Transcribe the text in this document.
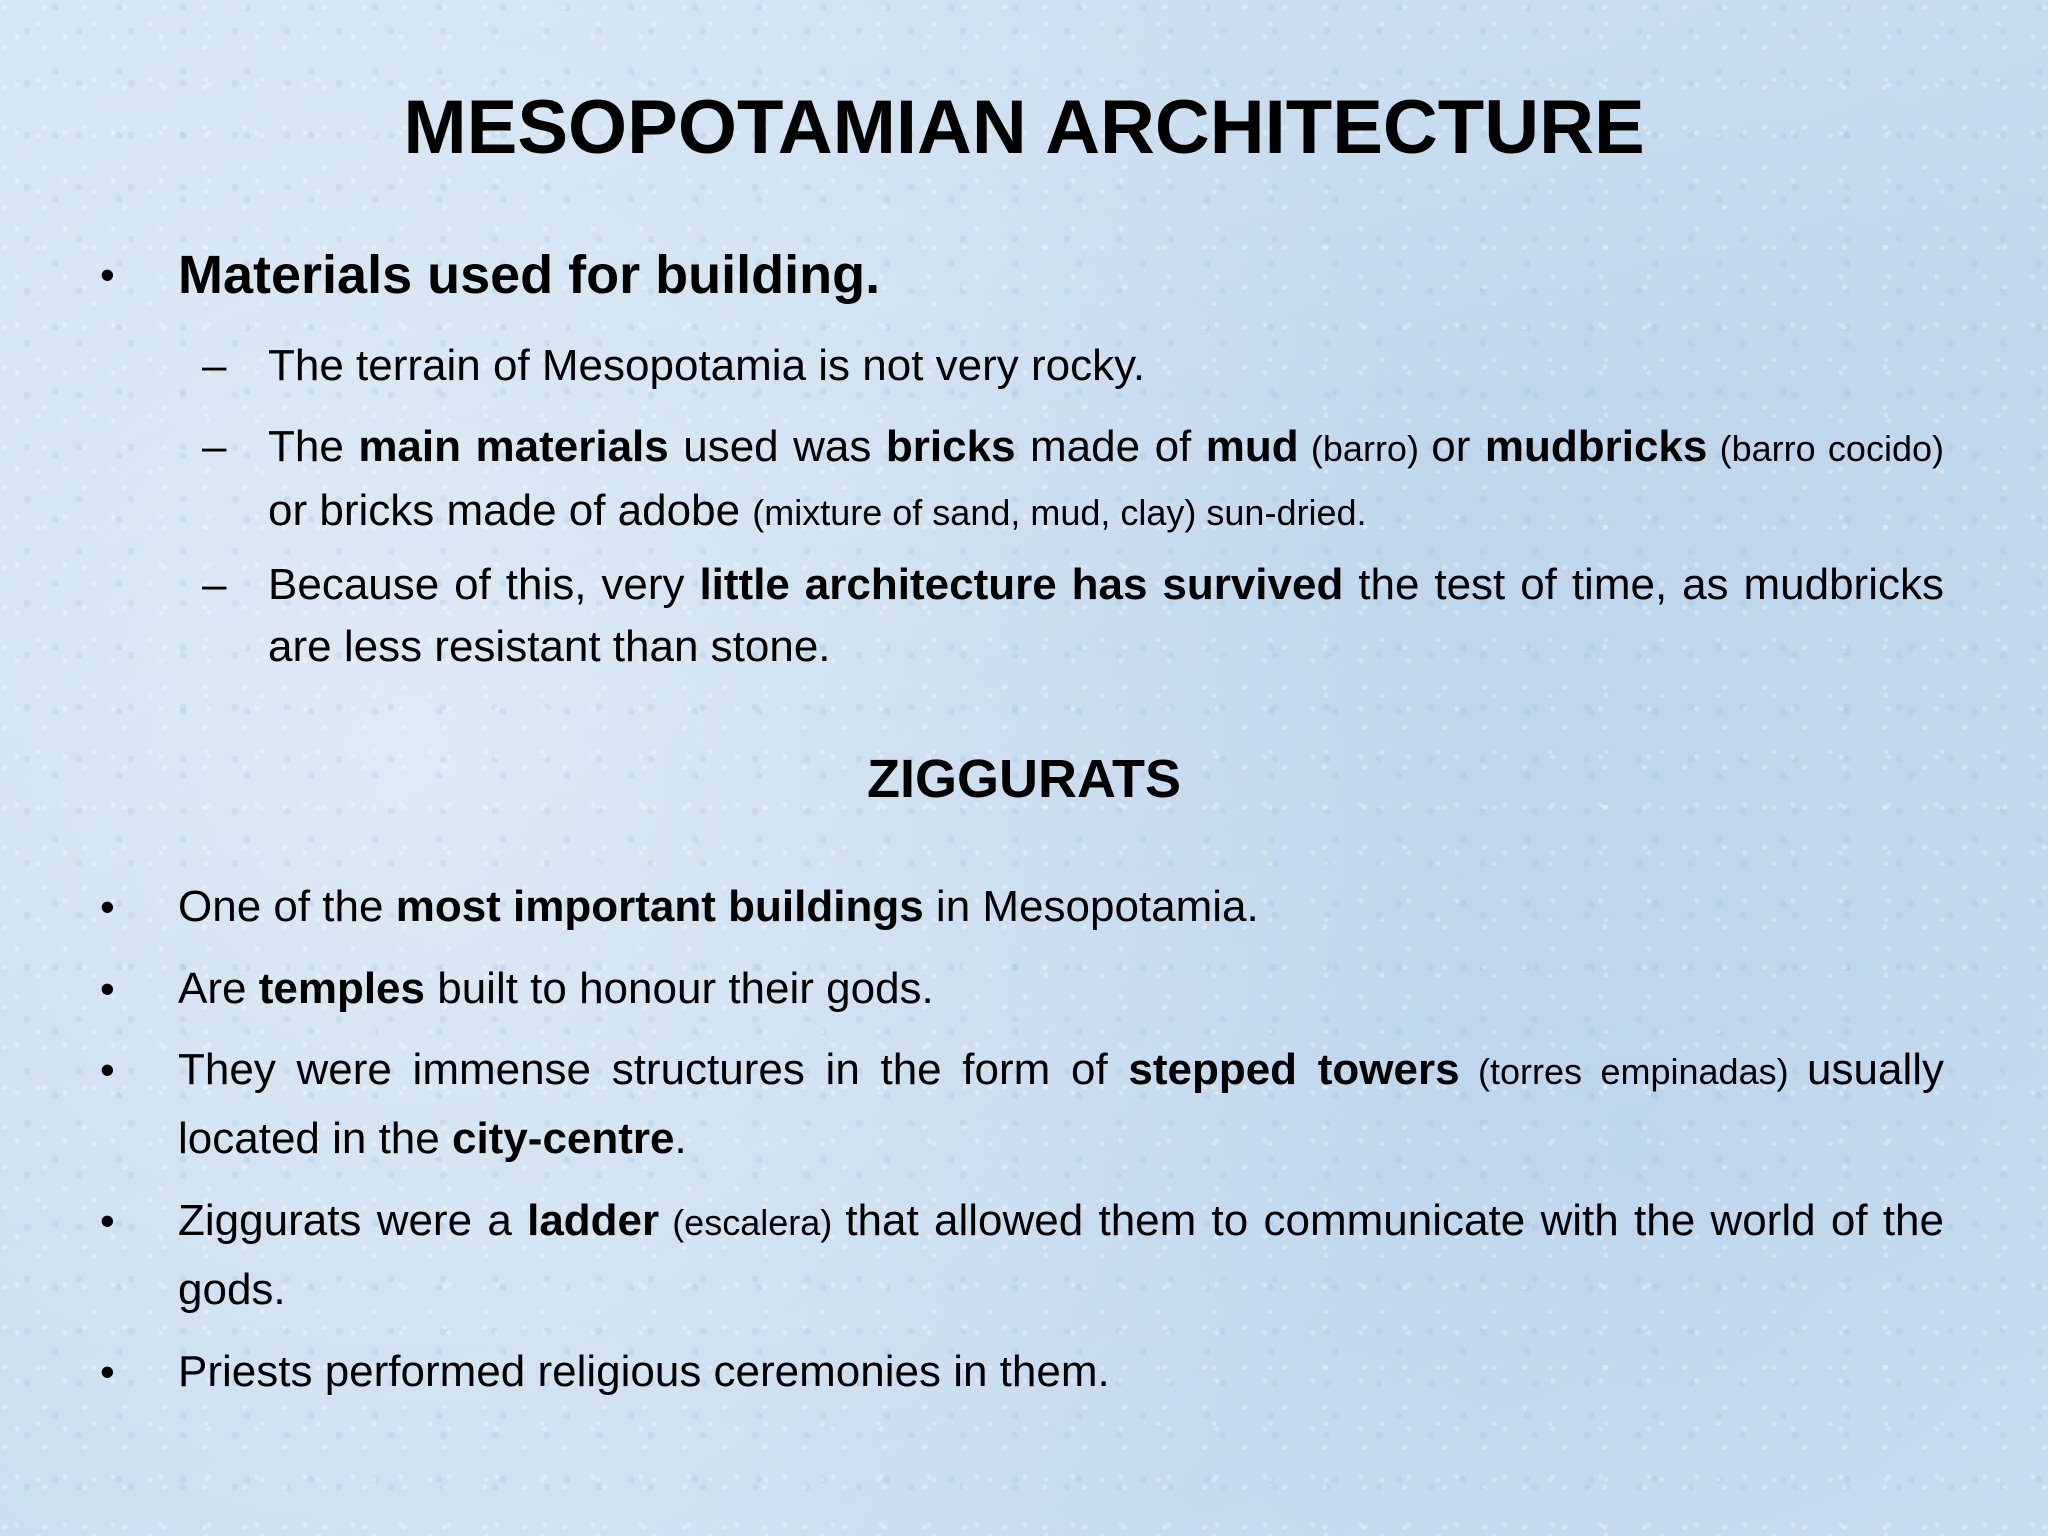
MESOPOTAMIAN ARCHITECTURE
• Materials used for building.
– The terrain of Mesopotamia is not very rocky.
– The main materials used was bricks made of mud (barro) or mudbricks (barro cocido) or bricks made of adobe (mixture of sand, mud, clay) sun-dried.
– Because of this, very little architecture has survived the test of time, as mudbricks are less resistant than stone.
ZIGGURATS
• One of the most important buildings in Mesopotamia.
• Are temples built to honour their gods.
• They were immense structures in the form of stepped towers (torres empinadas) usually located in the city-centre.
• Ziggurats were a ladder (escalera) that allowed them to communicate with the world of the gods.
• Priests performed religious ceremonies in them.
